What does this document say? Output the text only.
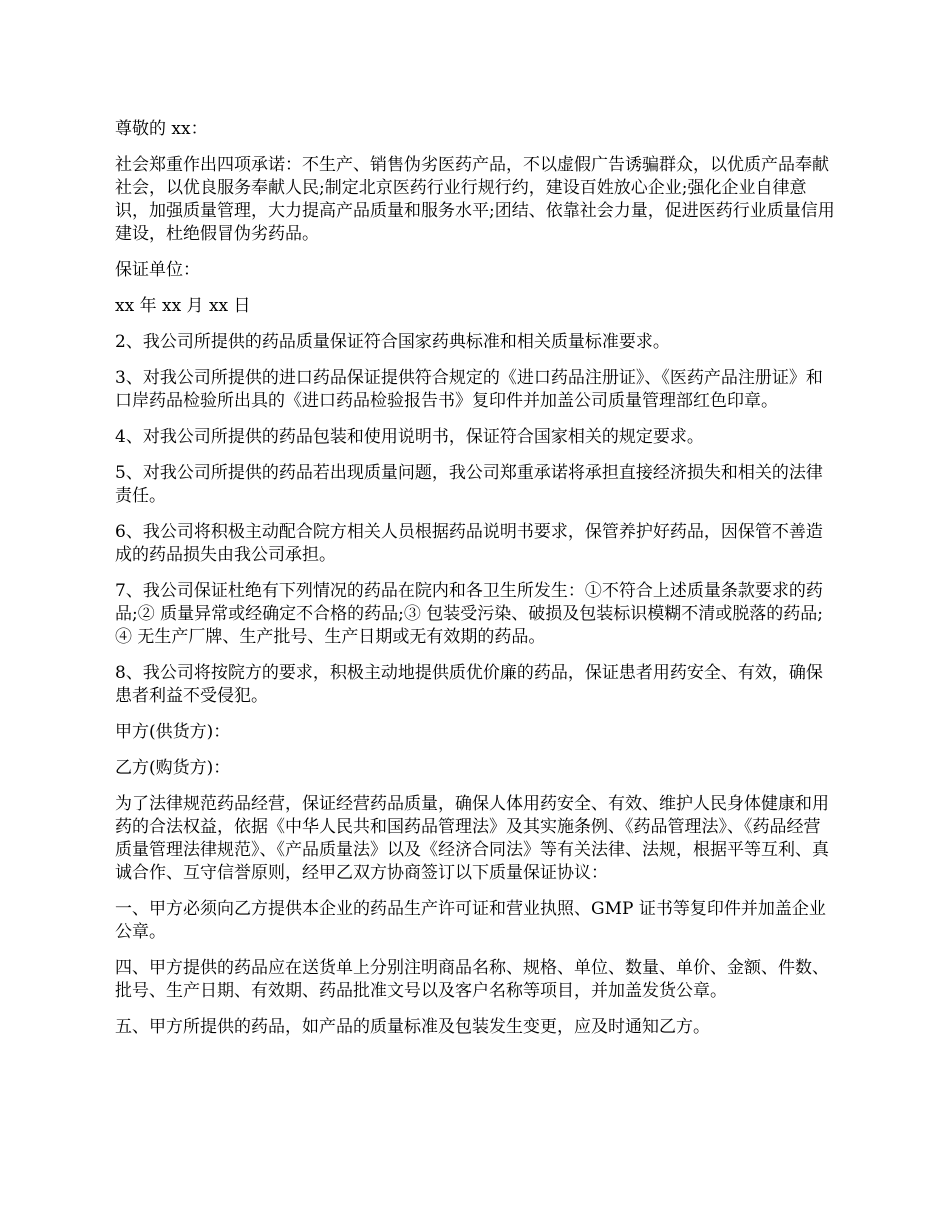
尊敬的 xx：

社会郑重作出四项承诺：不生产、销售伪劣医药产品，不以虚假广告诱骗群众，以优质产品奉献社会，以优良服务奉献人民;制定北京医药行业行规行约，建设百姓放心企业;强化企业自律意识，加强质量管理，大力提高产品质量和服务水平;团结、依靠社会力量，促进医药行业质量信用建设，杜绝假冒伪劣药品。

保证单位：

xx 年 xx 月 xx 日

2、我公司所提供的药品质量保证符合国家药典标准和相关质量标准要求。

3、对我公司所提供的进口药品保证提供符合规定的《进口药品注册证》、《医药产品注册证》和口岸药品检验所出具的《进口药品检验报告书》复印件并加盖公司质量管理部红色印章。

4、对我公司所提供的药品包装和使用说明书，保证符合国家相关的规定要求。

5、对我公司所提供的药品若出现质量问题，我公司郑重承诺将承担直接经济损失和相关的法律责任。

6、我公司将积极主动配合院方相关人员根据药品说明书要求，保管养护好药品，因保管不善造成的药品损失由我公司承担。

7、我公司保证杜绝有下列情况的药品在院内和各卫生所发生：①不符合上述质量条款要求的药品;② 质量异常或经确定不合格的药品;③ 包装受污染、破损及包装标识模糊不清或脱落的药品;④ 无生产厂牌、生产批号、生产日期或无有效期的药品。

8、我公司将按院方的要求，积极主动地提供质优价廉的药品，保证患者用药安全、有效，确保患者利益不受侵犯。

甲方(供货方)：

乙方(购货方)：

为了法律规范药品经营，保证经营药品质量，确保人体用药安全、有效、维护人民身体健康和用药的合法权益，依据《中华人民共和国药品管理法》及其实施条例、《药品管理法》、《药品经营质量管理法律规范》、《产品质量法》以及《经济合同法》等有关法律、法规，根据平等互利、真诚合作、互守信誉原则，经甲乙双方协商签订以下质量保证协议：

一、甲方必须向乙方提供本企业的药品生产许可证和营业执照、GMP 证书等复印件并加盖企业公章。

四、甲方提供的药品应在送货单上分别注明商品名称、规格、单位、数量、单价、金额、件数、批号、生产日期、有效期、药品批准文号以及客户名称等项目，并加盖发货公章。

五、甲方所提供的药品，如产品的质量标准及包装发生变更，应及时通知乙方。
